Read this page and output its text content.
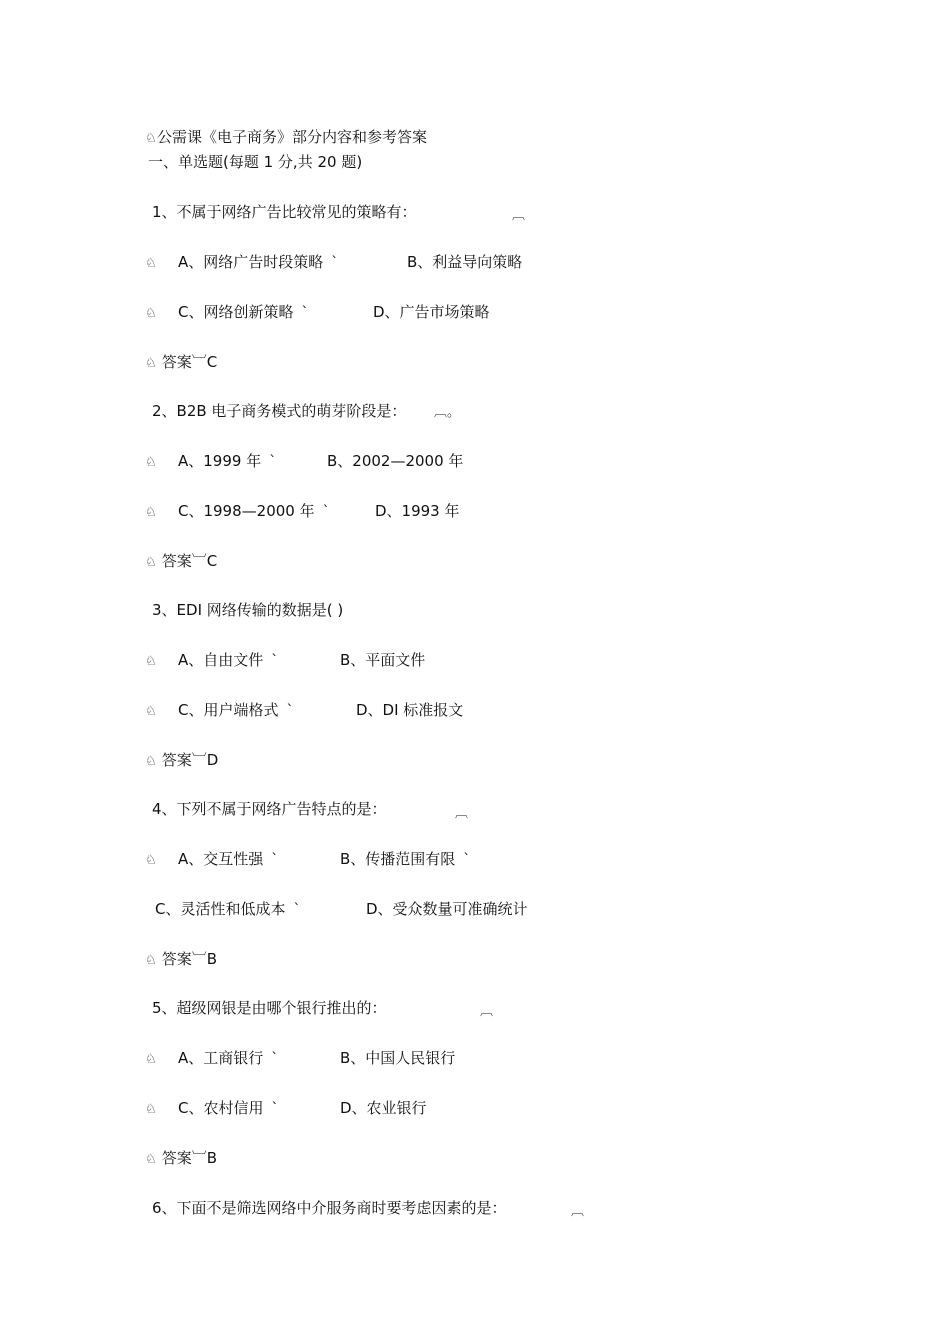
♘公需课《电子商务》部分内容和参考答案
一、单选题(每题 1 分,共 20 题)
1、不属于网络广告比较常见的策略有：	︹
♘ A、网络广告时段策略 `	B、利益导向策略
♘ C、网络创新策略 `	D、广告市场策略
♘ 答案︺C
2、B2B 电子商务模式的萌芽阶段是： ︹。
♘ A、1999 年 `	B、2002—2000 年
♘ C、1998—2000 年 `	D、1993 年
♘ 答案︺C
3、EDI 网络传输的数据是( )
♘ A、自由文件 `	B、平面文件
♘ C、用户端格式 `	D、DI 标准报文
♘ 答案︺D
4、下列不属于网络广告特点的是：	︹
♘ A、交互性强 `	B、传播范围有限 `
C、灵活性和低成本 `	D、受众数量可准确统计
♘ 答案︺B
5、超级网银是由哪个银行推出的：	︹
♘ A、工商银行 `	B、中国人民银行
♘ C、农村信用 `	D、农业银行
♘ 答案︺B
6、下面不是筛选网络中介服务商时要考虑因素的是：	︹
